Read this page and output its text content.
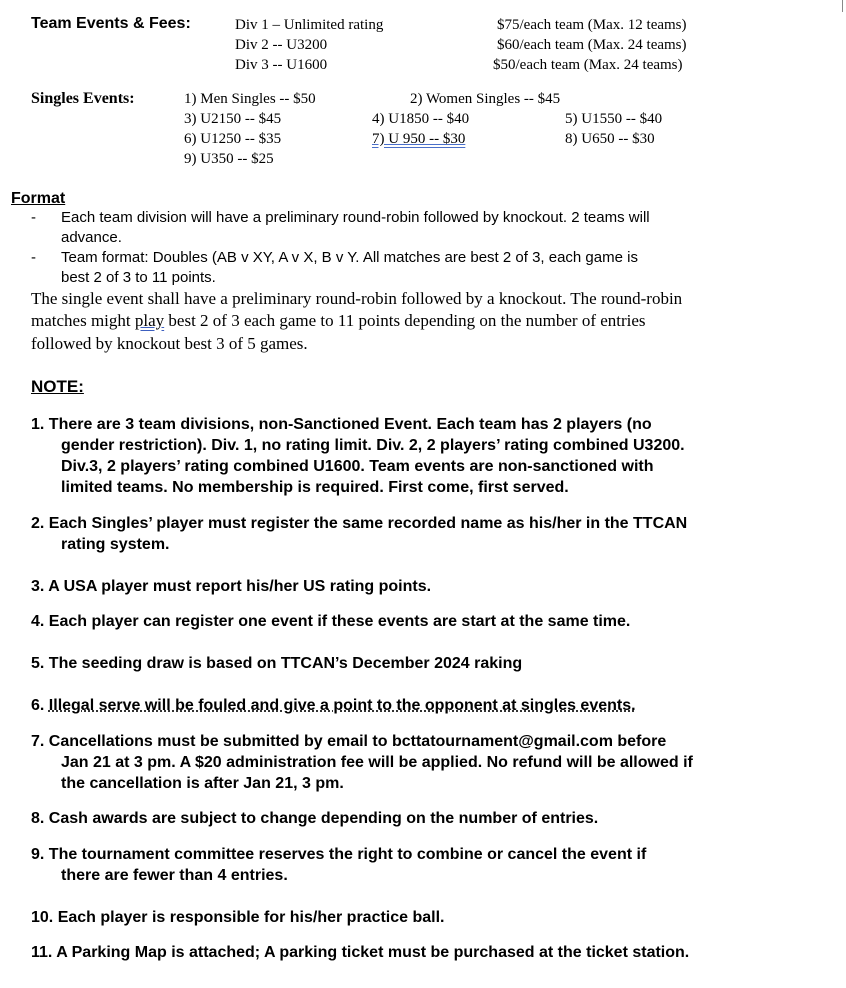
Team Events & Fees:	Div 1 – Unlimited rating	$75/each team (Max. 12 teams)
Div 2 -- U3200	$60/each team (Max. 24 teams)
Div 3 -- U1600	$50/each team (Max. 24 teams)
Singles Events:	1) Men Singles -- $50	2) Women Singles -- $45
3) U2150 -- $45	4) U1850 -- $40	5) U1550 -- $40
6) U1250 -- $35	7) U 950 -- $30	8) U650 -- $30
9) U350 -- $25
Format
- Each team division will have a preliminary round-robin followed by knockout. 2 teams will
advance.
- Team format: Doubles (AB v XY, A v X, B v Y. All matches are best 2 of 3, each game is
best 2 of 3 to 11 points.
The single event shall have a preliminary round-robin followed by a knockout. The round-robin
matches might play best 2 of 3 each game to 11 points depending on the number of entries
followed by knockout best 3 of 5 games.
NOTE:
1. There are 3 team divisions, non-Sanctioned Event. Each team has 2 players (no
gender restriction). Div. 1, no rating limit. Div. 2, 2 players’ rating combined U3200.
Div.3, 2 players’ rating combined U1600. Team events are non-sanctioned with
limited teams. No membership is required. First come, first served.
2. Each Singles’ player must register the same recorded name as his/her in the TTCAN
rating system.
3. A USA player must report his/her US rating points.
4. Each player can register one event if these events are start at the same time.
5. The seeding draw is based on TTCAN’s December 2024 raking
6. Illegal serve will be fouled and give a point to the opponent at singles events.
7. Cancellations must be submitted by email to bcttatournament@gmail.com before
Jan 21 at 3 pm. A $20 administration fee will be applied. No refund will be allowed if
the cancellation is after Jan 21, 3 pm.
8. Cash awards are subject to change depending on the number of entries.
9. The tournament committee reserves the right to combine or cancel the event if
there are fewer than 4 entries.
10. Each player is responsible for his/her practice ball.
11. A Parking Map is attached; A parking ticket must be purchased at the ticket station.
